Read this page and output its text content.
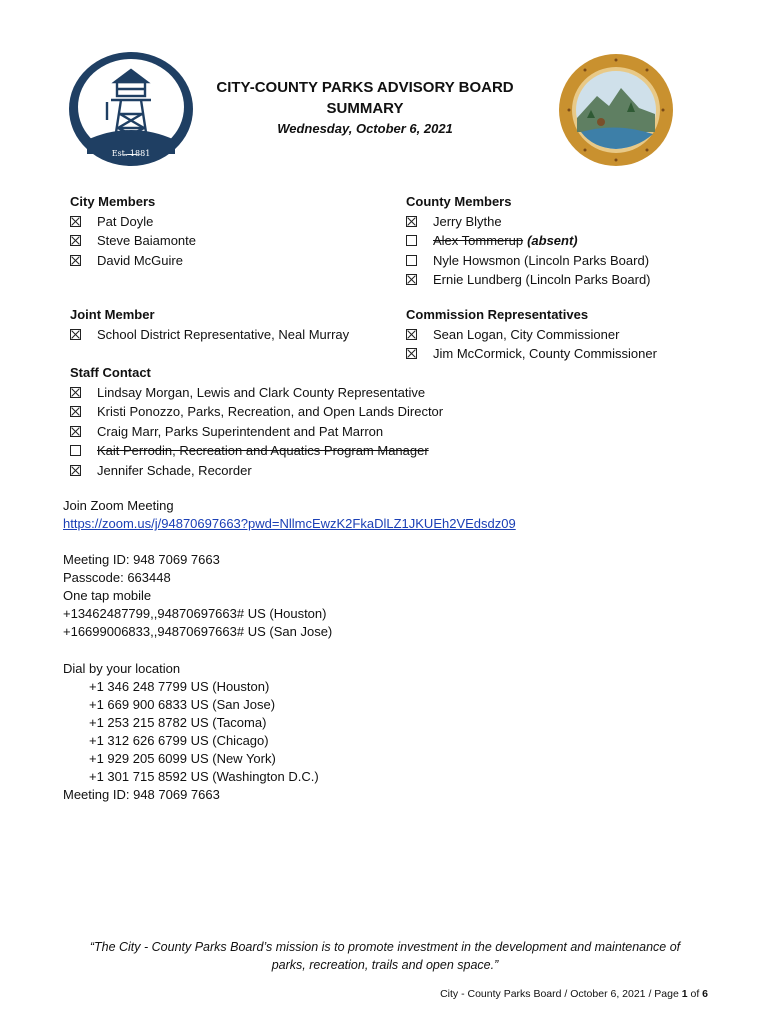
Est. 1881
CITY-COUNTY PARKS ADVISORY BOARD
SUMMARY
Wednesday, October 6, 2021
City Members
Pat Doyle
Steve Baiamonte
David McGuire
County Members
Jerry Blythe
Alex Tommerup (absent)
Nyle Howsmon (Lincoln Parks Board)
Ernie Lundberg (Lincoln Parks Board)
Joint Member
School District Representative, Neal Murray
Commission Representatives
Sean Logan, City Commissioner
Jim McCormick, County Commissioner
Staff Contact
Lindsay Morgan, Lewis and Clark County Representative
Kristi Ponozzo, Parks, Recreation, and Open Lands Director
Craig Marr, Parks Superintendent and Pat Marron
Kait Perrodin, Recreation and Aquatics Program Manager
Jennifer Schade, Recorder
Join Zoom Meeting
https://zoom.us/j/94870697663?pwd=NllmcEwzK2FkaDlLZ1JKUEh2VEdsdz09
Meeting ID: 948 7069 7663
Passcode: 663448
One tap mobile
+13462487799,,94870697663# US (Houston)
+16699006833,,94870697663# US (San Jose)
Dial by your location
+1 346 248 7799 US (Houston)
+1 669 900 6833 US (San Jose)
+1 253 215 8782 US (Tacoma)
+1 312 626 6799 US (Chicago)
+1 929 205 6099 US (New York)
+1 301 715 8592 US (Washington D.C.)
Meeting ID: 948 7069 7663
“The City - County Parks Board’s mission is to promote investment in the development and maintenance of
parks, recreation, trails and open space.”
City - County Parks Board / October 6, 2021 / Page 1 of 6
